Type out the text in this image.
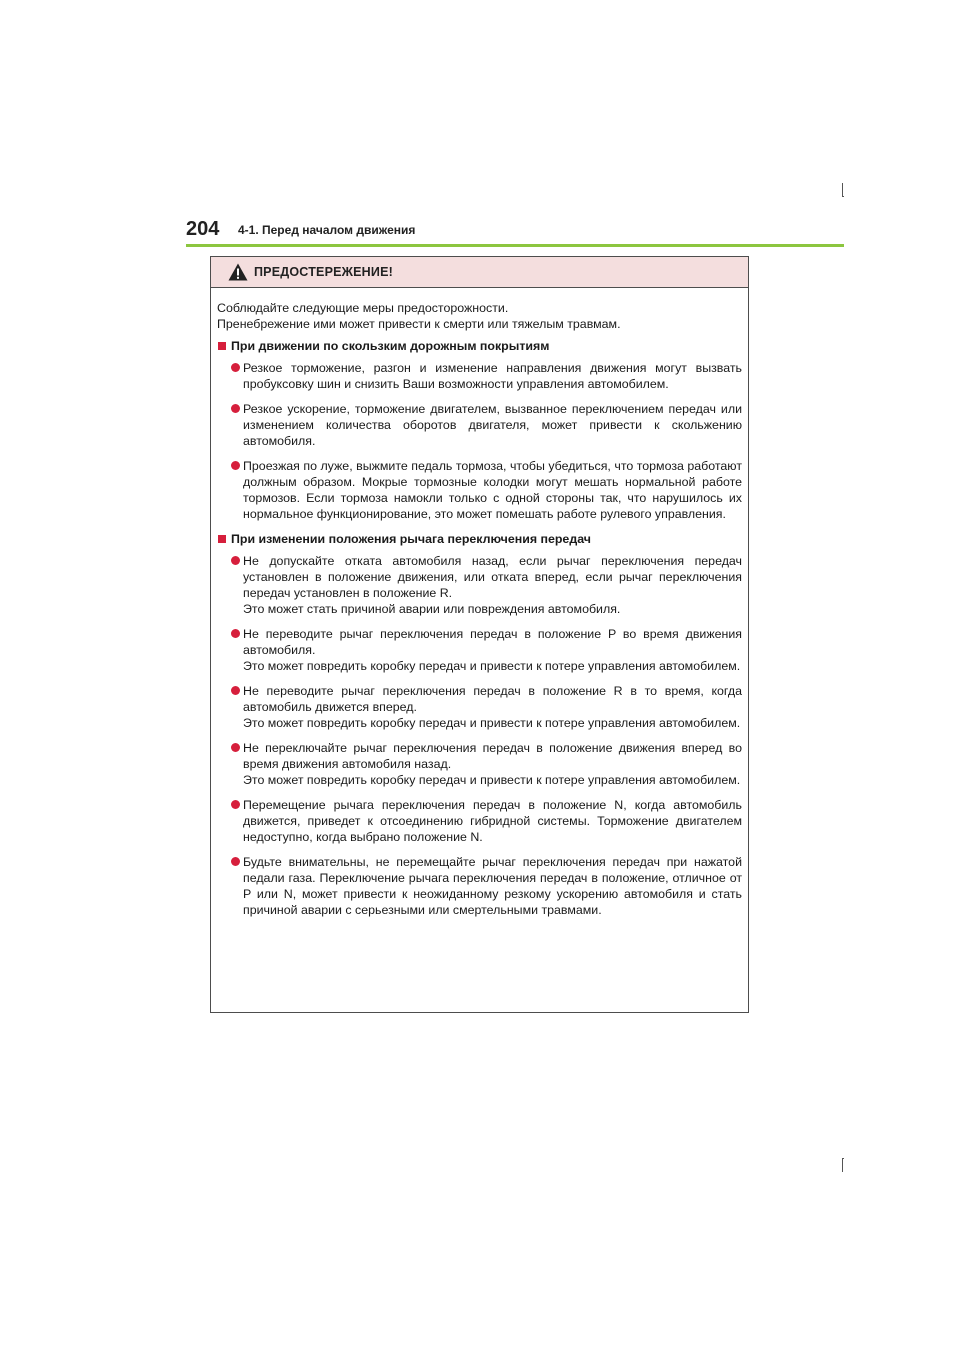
204 4-1. Перед началом движения
ПРЕДОСТЕРЕЖЕНИЕ!
Соблюдайте следующие меры предосторожности.
Пренебрежение ими может привести к смерти или тяжелым травмам.
При движении по скользким дорожным покрытиям
Резкое торможение, разгон и изменение направления движения могут вызвать пробуксовку шин и снизить Ваши возможности управления автомобилем.
Резкое ускорение, торможение двигателем, вызванное переключением передач или изменением количества оборотов двигателя, может привести к скольжению автомобиля.
Проезжая по луже, выжмите педаль тормоза, чтобы убедиться, что тормоза работают должным образом. Мокрые тормозные колодки могут мешать нормальной работе тормозов. Если тормоза намокли только с одной стороны так, что нарушилось их нормальное функционирование, это может помешать работе рулевого управления.
При изменении положения рычага переключения передач
Не допускайте отката автомобиля назад, если рычаг переключения передач установлен в положение движения, или отката вперед, если рычаг переключения передач установлен в положение R.
Это может стать причиной аварии или повреждения автомобиля.
Не переводите рычаг переключения передач в положение P во время движения автомобиля.
Это может повредить коробку передач и привести к потере управления автомобилем.
Не переводите рычаг переключения передач в положение R в то время, когда автомобиль движется вперед.
Это может повредить коробку передач и привести к потере управления автомобилем.
Не переключайте рычаг переключения передач в положение движения вперед во время движения автомобиля назад.
Это может повредить коробку передач и привести к потере управления автомобилем.
Перемещение рычага переключения передач в положение N, когда автомобиль движется, приведет к отсоединению гибридной системы. Торможение двигателем недоступно, когда выбрано положение N.
Будьте внимательны, не перемещайте рычаг переключения передач при нажатой педали газа. Переключение рычага переключения передач в положение, отличное от P или N, может привести к неожиданному резкому ускорению автомобиля и стать причиной аварии с серьезными или смертельными травмами.
